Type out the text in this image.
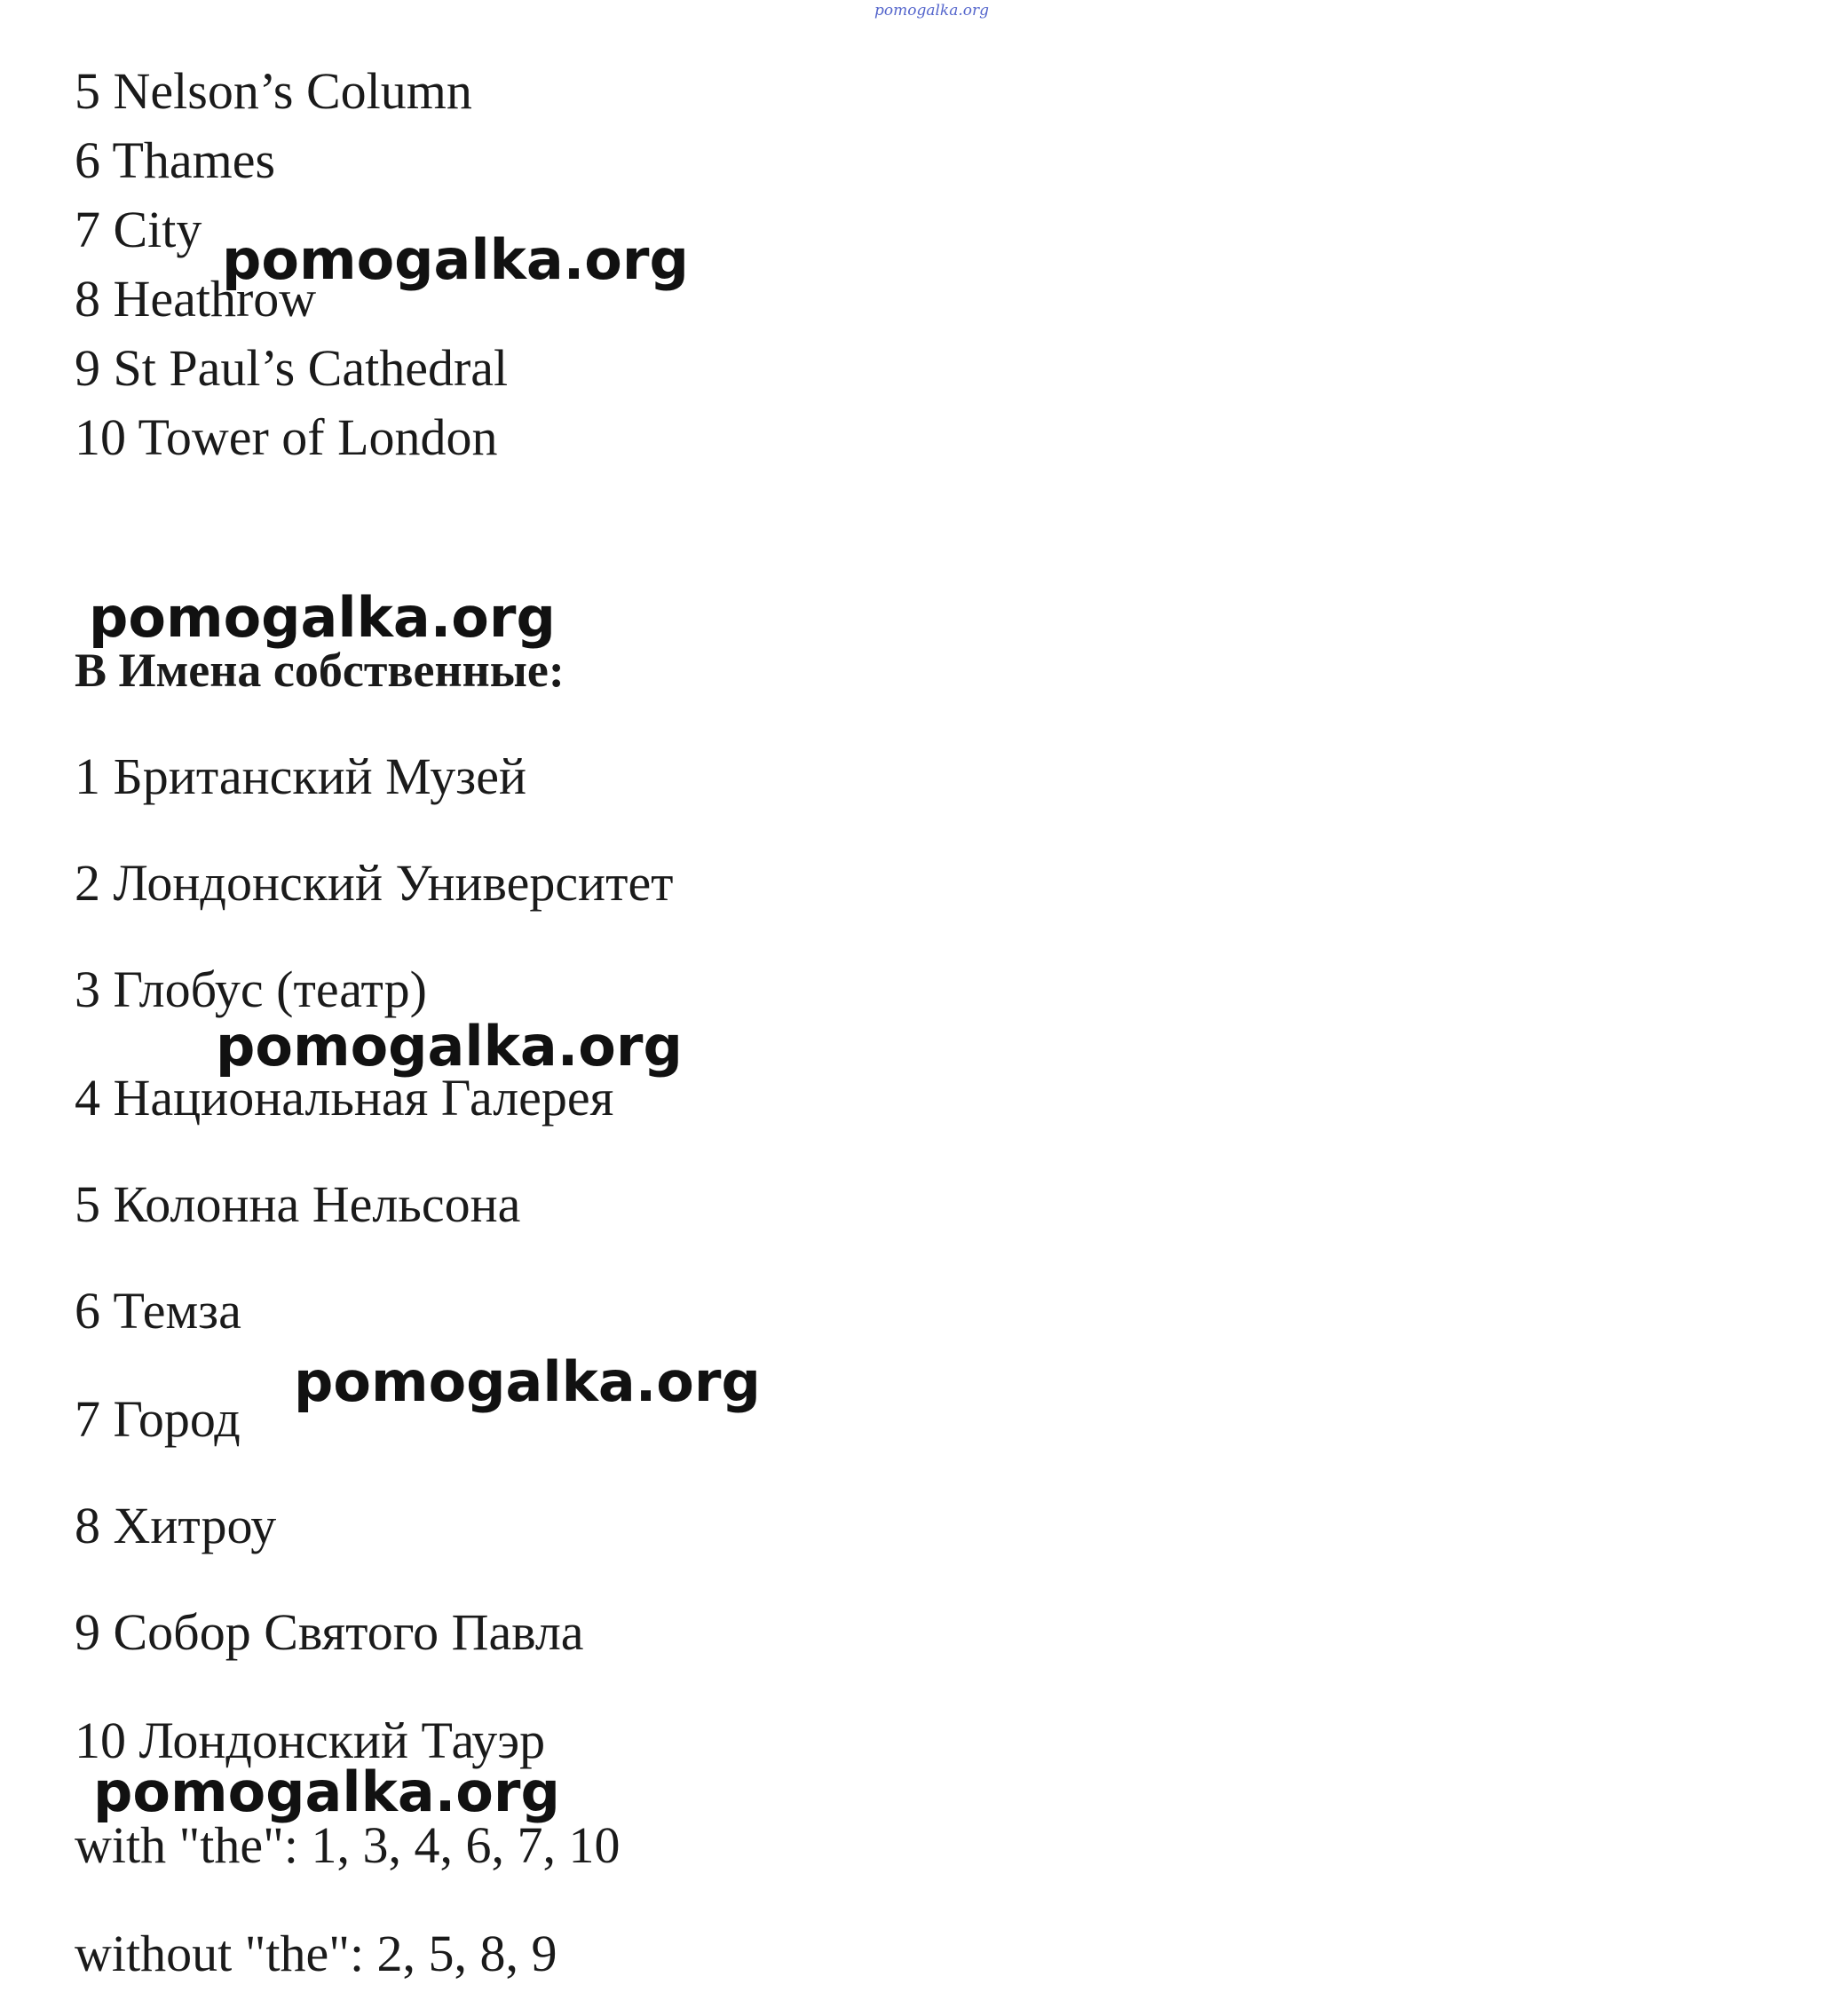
pomogalka.org
5 Nelson’s Column
6 Thames
7 City
8 Heathrow
9 St Paul’s Cathedral
10 Tower of London
B Имена собственные:
1 Британский Музей
2 Лондонский Университет
3 Глобус (театр)
4 Национальная Галерея
5 Колонна Нельсона
6 Темза
7 Город
8 Хитроу
9 Собор Святого Павла
10 Лондонский Тауэр
with "the": 1, 3, 4, 6, 7, 10
without "the": 2, 5, 8, 9
pomogalka.org
pomogalka.org
pomogalka.org
pomogalka.org
pomogalka.org
